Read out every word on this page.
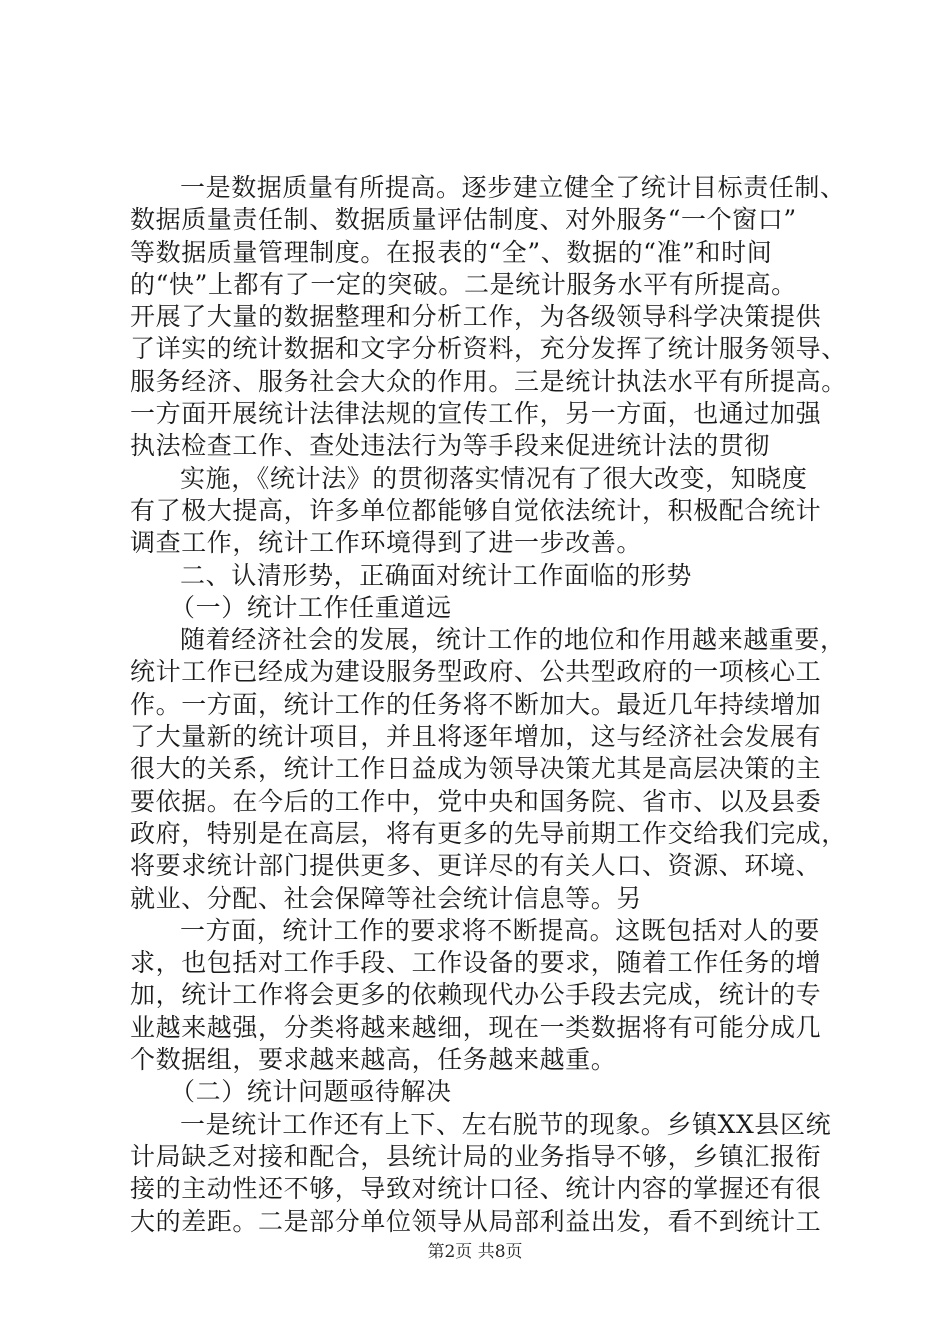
一是数据质量有所提高。逐步建立健全了统计目标责任制、
数据质量责任制、数据质量评估制度、对外服务“一个窗口”
等数据质量管理制度。在报表的“全”、数据的“准”和时间
的“快”上都有了一定的突破。二是统计服务水平有所提高。
开展了大量的数据整理和分析工作，为各级领导科学决策提供
了详实的统计数据和文字分析资料，充分发挥了统计服务领导、
服务经济、服务社会大众的作用。三是统计执法水平有所提高。
一方面开展统计法律法规的宣传工作，另一方面，也通过加强
执法检查工作、查处违法行为等手段来促进统计法的贯彻
实施，《统计法》的贯彻落实情况有了很大改变，知晓度
有了极大提高，许多单位都能够自觉依法统计，积极配合统计
调查工作，统计工作环境得到了进一步改善。
二、认清形势，正确面对统计工作面临的形势
（一）统计工作任重道远
随着经济社会的发展，统计工作的地位和作用越来越重要，
统计工作已经成为建设服务型政府、公共型政府的一项核心工
作。一方面，统计工作的任务将不断加大。最近几年持续增加
了大量新的统计项目，并且将逐年增加，这与经济社会发展有
很大的关系，统计工作日益成为领导决策尤其是高层决策的主
要依据。在今后的工作中，党中央和国务院、省市、以及县委
政府，特别是在高层，将有更多的先导前期工作交给我们完成，
将要求统计部门提供更多、更详尽的有关人口、资源、环境、
就业、分配、社会保障等社会统计信息等。另
一方面，统计工作的要求将不断提高。这既包括对人的要
求，也包括对工作手段、工作设备的要求，随着工作任务的增
加，统计工作将会更多的依赖现代办公手段去完成，统计的专
业越来越强，分类将越来越细，现在一类数据将有可能分成几
个数据组，要求越来越高，任务越来越重。
（二）统计问题亟待解决
一是统计工作还有上下、左右脱节的现象。乡镇XX县区统
计局缺乏对接和配合，县统计局的业务指导不够，乡镇汇报衔
接的主动性还不够，导致对统计口径、统计内容的掌握还有很
大的差距。二是部分单位领导从局部利益出发，看不到统计工
第2页 共8页
